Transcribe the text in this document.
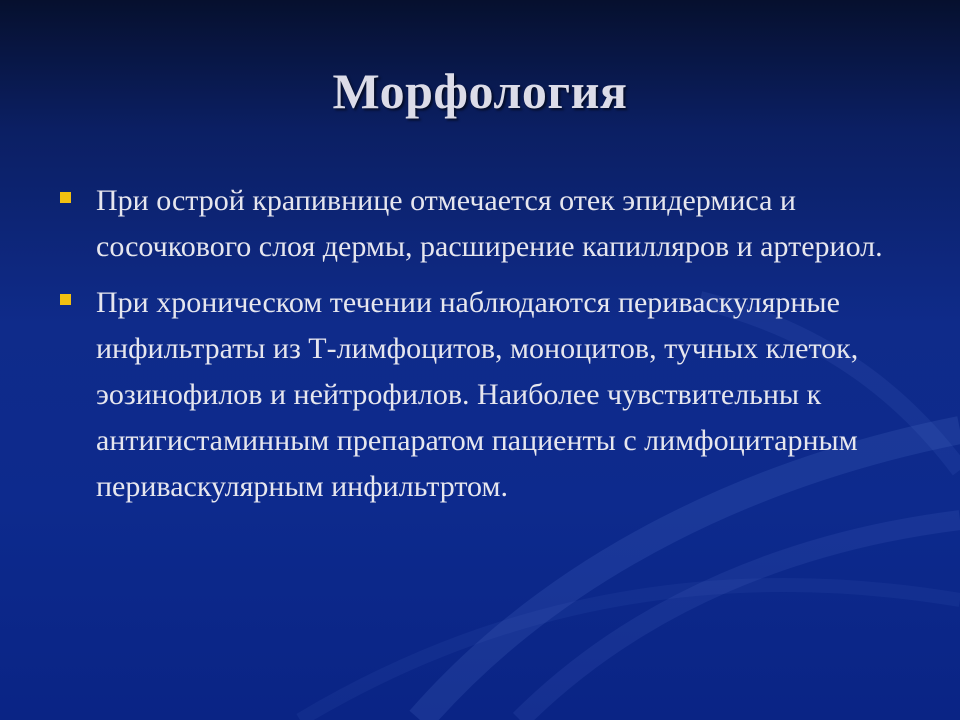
Морфология
При острой крапивнице отмечается отек эпидермиса и сосочкового слоя дермы, расширение капилляров и артериол.
При хроническом течении наблюдаются периваскулярные инфильтраты из Т-лимфоцитов, моноцитов, тучных клеток, эозинофилов и нейтрофилов. Наиболее чувствительны к антигистаминным препаратом пациенты с лимфоцитарным периваскулярным инфильтртом.
